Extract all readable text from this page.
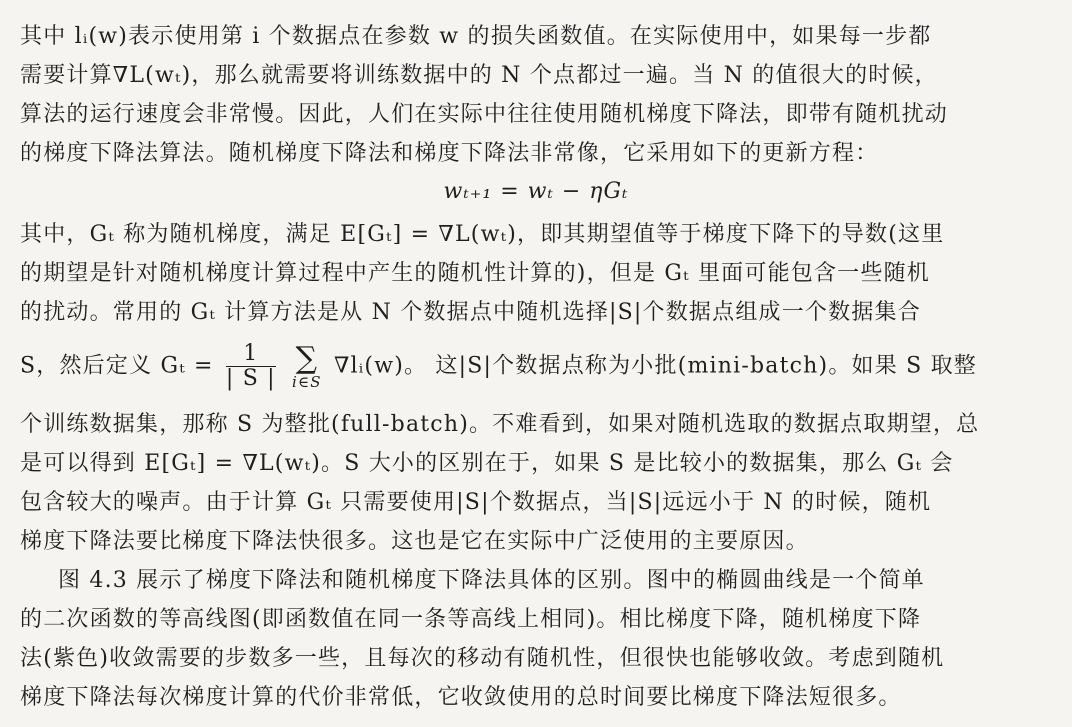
其中 lᵢ(w)表示使用第 i 个数据点在参数 w 的损失函数值。在实际使用中，如果每一步都
需要计算∇L(wₜ)，那么就需要将训练数据中的 N 个点都过一遍。当 N 的值很大的时候，
算法的运行速度会非常慢。因此，人们在实际中往往使用随机梯度下降法，即带有随机扰动
的梯度下降法算法。随机梯度下降法和梯度下降法非常像，它采用如下的更新方程：
wₜ₊₁ = wₜ − ηGₜ
其中，Gₜ 称为随机梯度，满足 E[Gₜ] = ∇L(wₜ)，即其期望值等于梯度下降下的导数(这里
的期望是针对随机梯度计算过程中产生的随机性计算的)，但是 Gₜ 里面可能包含一些随机
的扰动。常用的 Gₜ 计算方法是从 N 个数据点中随机选择|S|个数据点组成一个数据集合
S，然后定义 $G_t = \frac{1}{| S |}$
∑
i∈S
∇lᵢ(w)。 这|S|个数据点称为小批(mini-batch)。如果 S 取整
个训练数据集，那称 S 为整批(full-batch)。不难看到，如果对随机选取的数据点取期望，总
是可以得到 E[Gₜ] = ∇L(wₜ)。S 大小的区别在于，如果 S 是比较小的数据集，那么 Gₜ 会
包含较大的噪声。由于计算 Gₜ 只需要使用|S|个数据点，当|S|远远小于 N 的时候，随机
梯度下降法要比梯度下降法快很多。这也是它在实际中广泛使用的主要原因。
图 4.3 展示了梯度下降法和随机梯度下降法具体的区别。图中的椭圆曲线是一个简单
的二次函数的等高线图(即函数值在同一条等高线上相同)。相比梯度下降，随机梯度下降
法(紫色)收敛需要的步数多一些，且每次的移动有随机性，但很快也能够收敛。考虑到随机
梯度下降法每次梯度计算的代价非常低，它收敛使用的总时间要比梯度下降法短很多。
